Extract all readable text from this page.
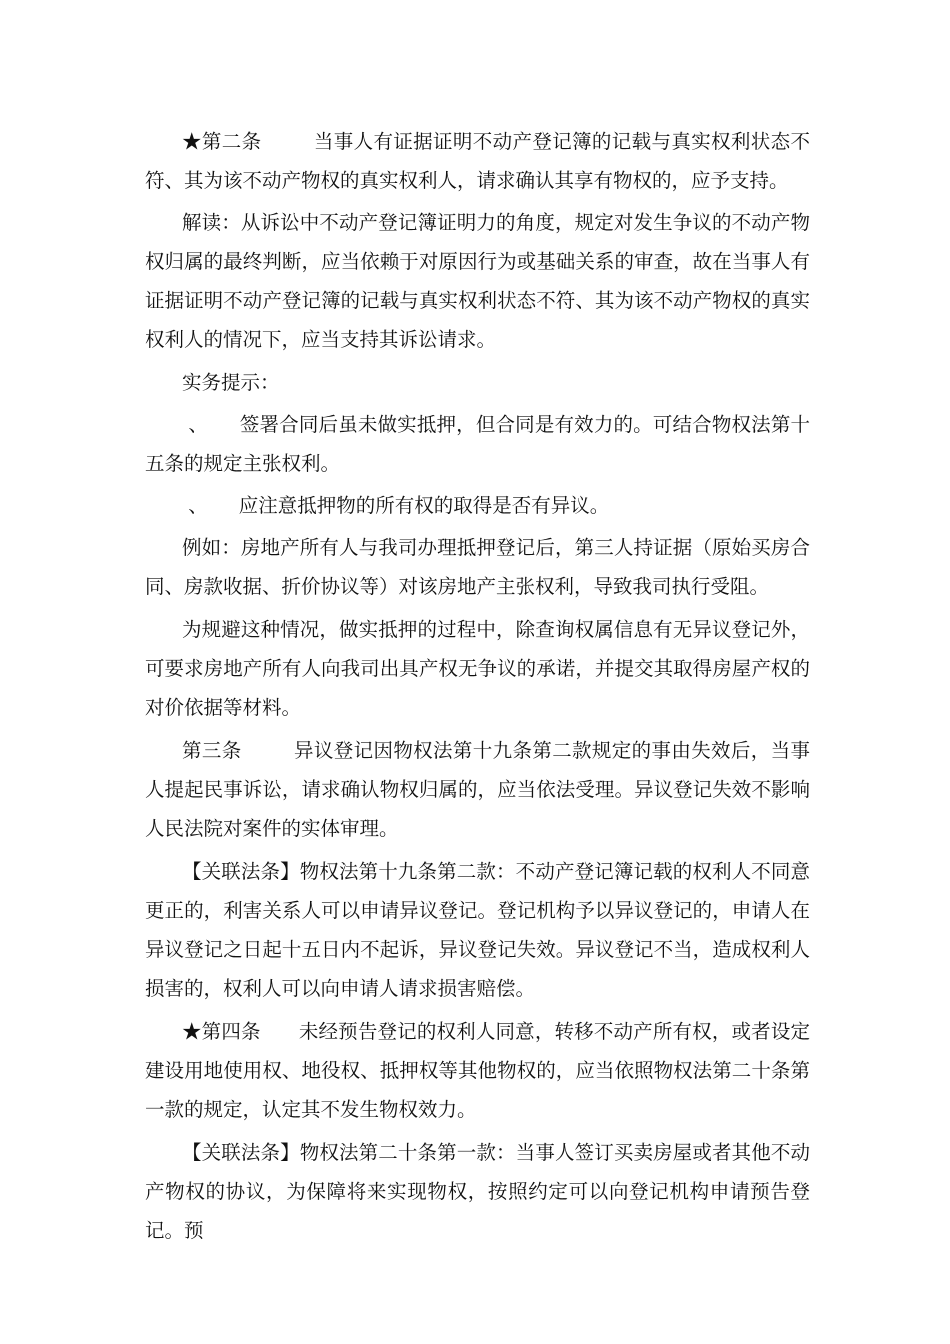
★第二条        当事人有证据证明不动产登记簿的记载与真实权利状态不符、其为该不动产物权的真实权利人，请求确认其享有物权的，应予支持。

解读：从诉讼中不动产登记簿证明力的角度，规定对发生争议的不动产物权归属的最终判断，应当依赖于对原因行为或基础关系的审查，故在当事人有证据证明不动产登记簿的记载与真实权利状态不符、其为该不动产物权的真实权利人的情况下，应当支持其诉讼请求。

实务提示：

、     签署合同后虽未做实抵押，但合同是有效力的。可结合物权法第十五条的规定主张权利。

、     应注意抵押物的所有权的取得是否有异议。

例如：房地产所有人与我司办理抵押登记后，第三人持证据（原始买房合同、房款收据、折价协议等）对该房地产主张权利，导致我司执行受阻。

为规避这种情况，做实抵押的过程中，除查询权属信息有无异议登记外，可要求房地产所有人向我司出具产权无争议的承诺，并提交其取得房屋产权的对价依据等材料。

第三条        异议登记因物权法第十九条第二款规定的事由失效后，当事人提起民事诉讼，请求确认物权归属的，应当依法受理。异议登记失效不影响人民法院对案件的实体审理。

【关联法条】物权法第十九条第二款：不动产登记簿记载的权利人不同意更正的，利害关系人可以申请异议登记。登记机构予以异议登记的，申请人在异议登记之日起十五日内不起诉，异议登记失效。异议登记不当，造成权利人损害的，权利人可以向申请人请求损害赔偿。

★第四条      未经预告登记的权利人同意，转移不动产所有权，或者设定建设用地使用权、地役权、抵押权等其他物权的，应当依照物权法第二十条第一款的规定，认定其不发生物权效力。

【关联法条】物权法第二十条第一款：当事人签订买卖房屋或者其他不动产物权的协议，为保障将来实现物权，按照约定可以向登记机构申请预告登记。预
